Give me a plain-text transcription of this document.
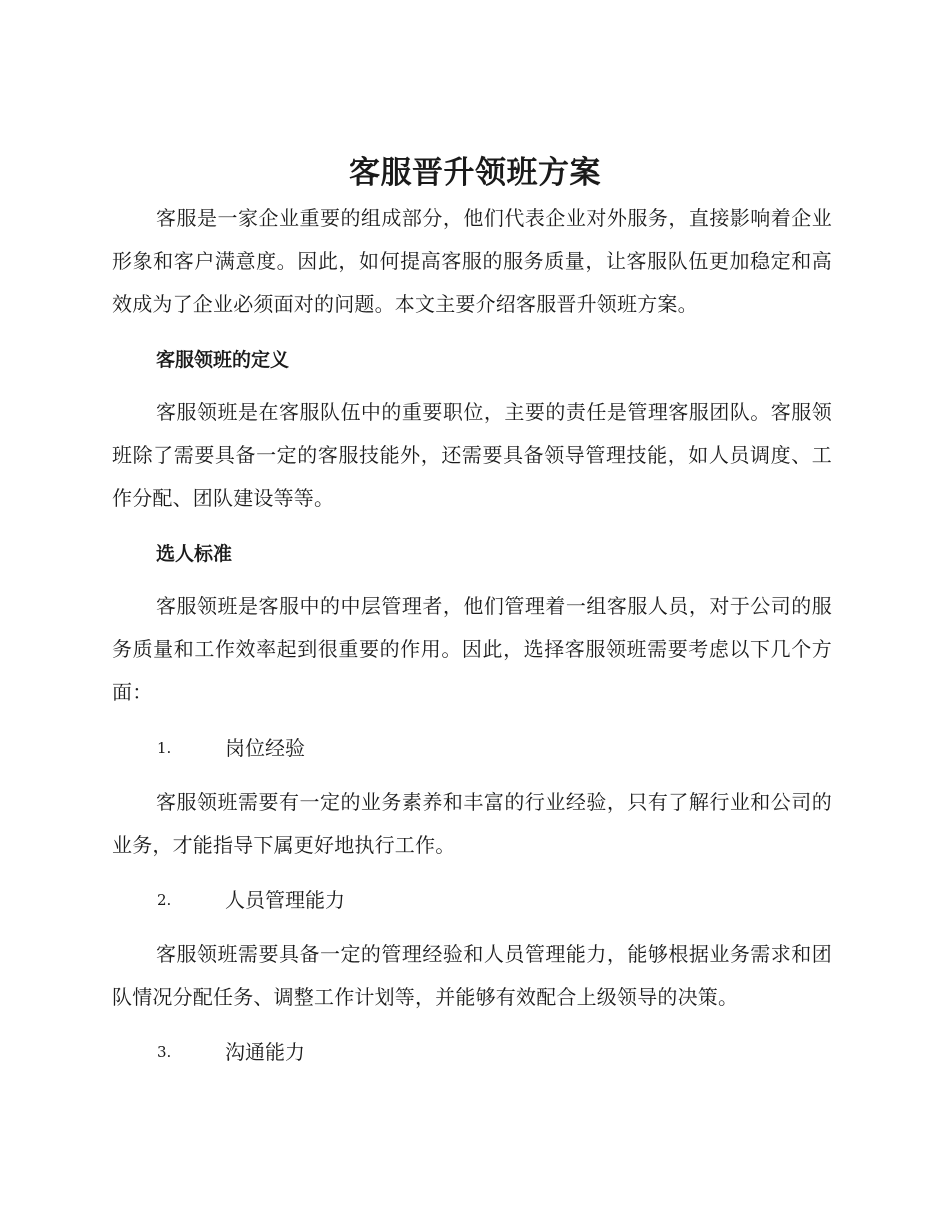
客服晋升领班方案

客服是一家企业重要的组成部分，他们代表企业对外服务，直接影响着企业形象和客户满意度。因此，如何提高客服的服务质量，让客服队伍更加稳定和高效成为了企业必须面对的问题。本文主要介绍客服晋升领班方案。

客服领班的定义

客服领班是在客服队伍中的重要职位，主要的责任是管理客服团队。客服领班除了需要具备一定的客服技能外，还需要具备领导管理技能，如人员调度、工作分配、团队建设等等。

选人标准

客服领班是客服中的中层管理者，他们管理着一组客服人员，对于公司的服务质量和工作效率起到很重要的作用。因此，选择客服领班需要考虑以下几个方面：

1.	岗位经验

客服领班需要有一定的业务素养和丰富的行业经验，只有了解行业和公司的业务，才能指导下属更好地执行工作。

2.	人员管理能力

客服领班需要具备一定的管理经验和人员管理能力，能够根据业务需求和团队情况分配任务、调整工作计划等，并能够有效配合上级领导的决策。

3.	沟通能力
